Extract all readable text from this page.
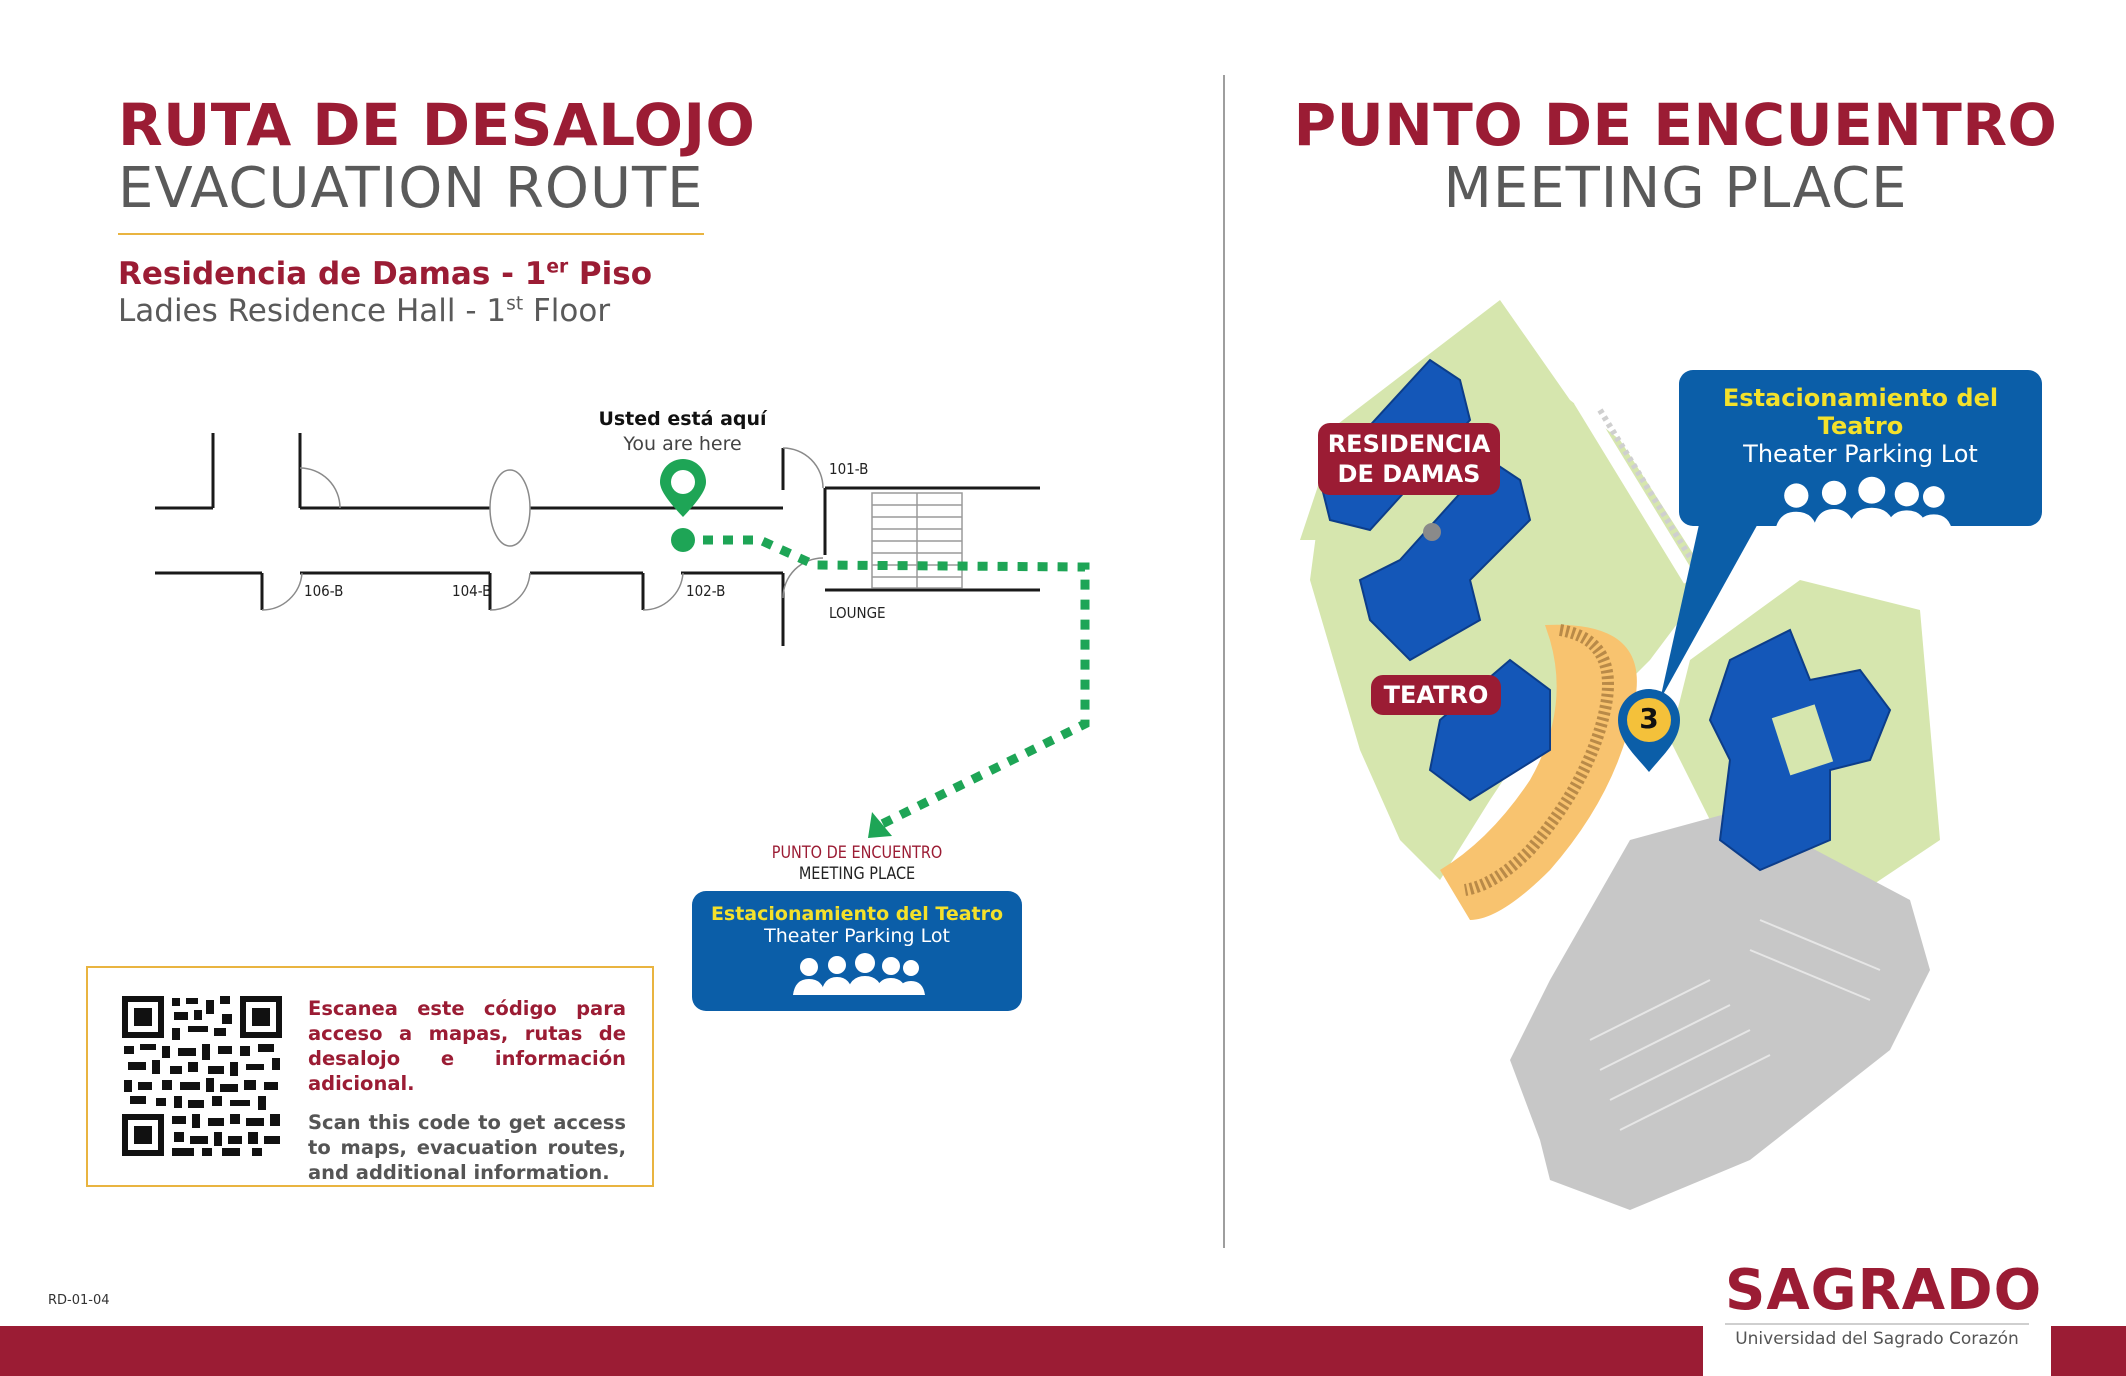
RUTA DE DESALOJO
EVACUATION ROUTE
Residencia de Damas - 1er Piso
Ladies Residence Hall - 1st Floor
Usted está aquí
You are here
101-B
102-B
104-B
106-B
LOUNGE
PUNTO DE ENCUENTRO
MEETING PLACE
Estacionamiento del Teatro
Theater Parking Lot

Escanea este código para acceso a mapas, rutas de desalojo e información adicional.

Scan this code to get access to maps, evacuation routes, and additional information.

RD-01-04
PUNTO DE ENCUENTRO
MEETING PLACE
3
Estacionamiento del Teatro
Theater Parking Lot
RESIDENCIA DE DAMAS
TEATRO
SAGRADO
Universidad del Sagrado Corazón
